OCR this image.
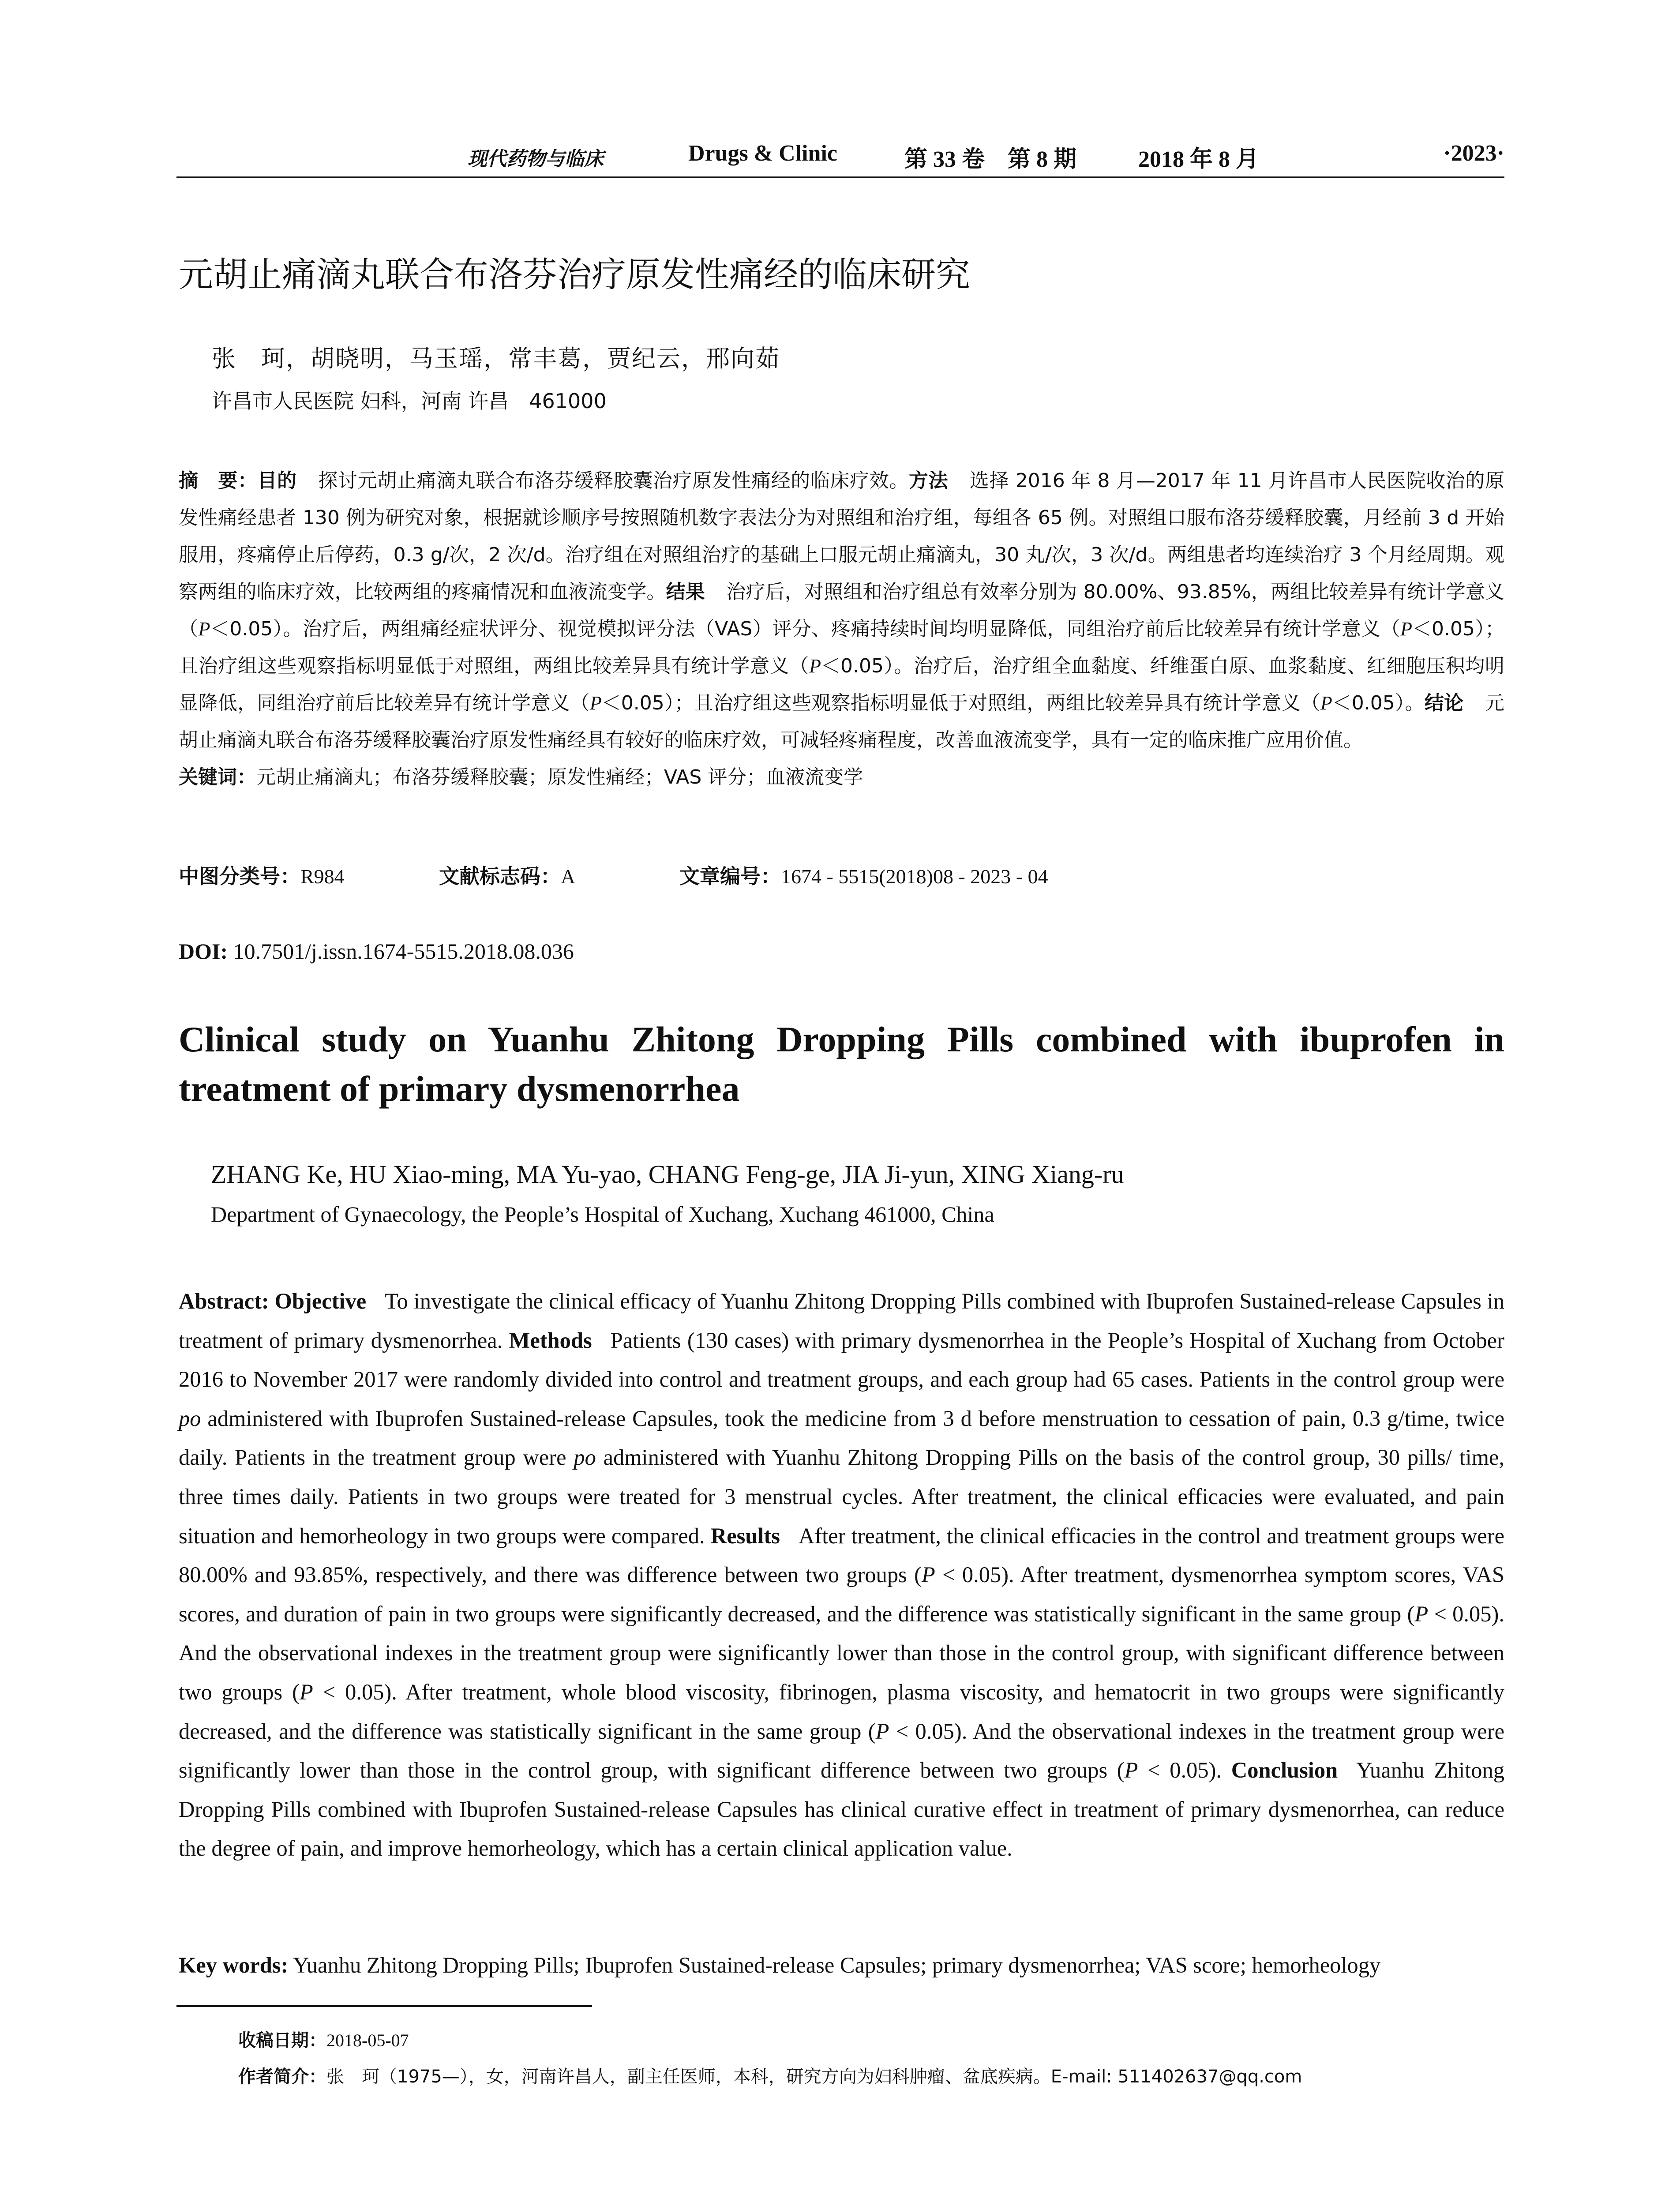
现代药物与临床	Drugs & Clinic	第 33 卷　第 8 期	2018 年 8 月	·2023·
元胡止痛滴丸联合布洛芬治疗原发性痛经的临床研究
张　珂，胡晓明，马玉瑶，常丰葛，贾纪云，邢向茹
许昌市人民医院 妇科，河南 许昌　461000
摘　要：目的 探讨元胡止痛滴丸联合布洛芬缓释胶囊治疗原发性痛经的临床疗效。方法 选择 2016 年 8 月—2017 年 11 月许昌市人民医院收治的原发性痛经患者 130 例为研究对象，根据就诊顺序号按照随机数字表法分为对照组和治疗组，每组各 65 例。对照组口服布洛芬缓释胶囊，月经前 3 d 开始服用，疼痛停止后停药，0.3 g/次，2 次/d。治疗组在对照组治疗的基础上口服元胡止痛滴丸，30 丸/次，3 次/d。两组患者均连续治疗 3 个月经周期。观察两组的临床疗效，比较两组的疼痛情况和血液流变学。结果 治疗后，对照组和治疗组总有效率分别为 80.00%、93.85%，两组比较差异有统计学意义（P＜0.05）。治疗后，两组痛经症状评分、视觉模拟评分法（VAS）评分、疼痛持续时间均明显降低，同组治疗前后比较差异有统计学意义（P＜0.05）；且治疗组这些观察指标明显低于对照组，两组比较差异具有统计学意义（P＜0.05）。治疗后，治疗组全血黏度、纤维蛋白原、血浆黏度、红细胞压积均明显降低，同组治疗前后比较差异有统计学意义（P＜0.05）；且治疗组这些观察指标明显低于对照组，两组比较差异具有统计学意义（P＜0.05）。结论 元胡止痛滴丸联合布洛芬缓释胶囊治疗原发性痛经具有较好的临床疗效，可减轻疼痛程度，改善血液流变学，具有一定的临床推广应用价值。
关键词：元胡止痛滴丸；布洛芬缓释胶囊；原发性痛经；VAS 评分；血液流变学
中图分类号：R984	文献标志码：A	文章编号：1674 - 5515(2018)08 - 2023 - 04
DOI: 10.7501/j.issn.1674-5515.2018.08.036
Clinical study on Yuanhu Zhitong Dropping Pills combined with ibuprofen in treatment of primary dysmenorrhea
ZHANG Ke, HU Xiao-ming, MA Yu-yao, CHANG Feng-ge, JIA Ji-yun, XING Xiang-ru
Department of Gynaecology, the People’s Hospital of Xuchang, Xuchang 461000, China
Abstract: Objective To investigate the clinical efficacy of Yuanhu Zhitong Dropping Pills combined with Ibuprofen Sustained-release Capsules in treatment of primary dysmenorrhea. Methods Patients (130 cases) with primary dysmenorrhea in the People’s Hospital of Xuchang from October 2016 to November 2017 were randomly divided into control and treatment groups, and each group had 65 cases. Patients in the control group were po administered with Ibuprofen Sustained-release Capsules, took the medicine from 3 d before menstruation to cessation of pain, 0.3 g/time, twice daily. Patients in the treatment group were po administered with Yuanhu Zhitong Dropping Pills on the basis of the control group, 30 pills/ time, three times daily. Patients in two groups were treated for 3 menstrual cycles. After treatment, the clinical efficacies were evaluated, and pain situation and hemorheology in two groups were compared. Results After treatment, the clinical efficacies in the control and treatment groups were 80.00% and 93.85%, respectively, and there was difference between two groups (P < 0.05). After treatment, dysmenorrhea symptom scores, VAS scores, and duration of pain in two groups were significantly decreased, and the difference was statistically significant in the same group (P < 0.05). And the observational indexes in the treatment group were significantly lower than those in the control group, with significant difference between two groups (P < 0.05). After treatment, whole blood viscosity, fibrinogen, plasma viscosity, and hematocrit in two groups were significantly decreased, and the difference was statistically significant in the same group (P < 0.05). And the observational indexes in the treatment group were significantly lower than those in the control group, with significant difference between two groups (P < 0.05). Conclusion Yuanhu Zhitong Dropping Pills combined with Ibuprofen Sustained-release Capsules has clinical curative effect in treatment of primary dysmenorrhea, can reduce the degree of pain, and improve hemorheology, which has a certain clinical application value.
Key words: Yuanhu Zhitong Dropping Pills; Ibuprofen Sustained-release Capsules; primary dysmenorrhea; VAS score; hemorheology
收稿日期：2018-05-07
作者简介：张　珂（1975—），女，河南许昌人，副主任医师，本科，研究方向为妇科肿瘤、盆底疾病。E-mail: 511402637@qq.com
